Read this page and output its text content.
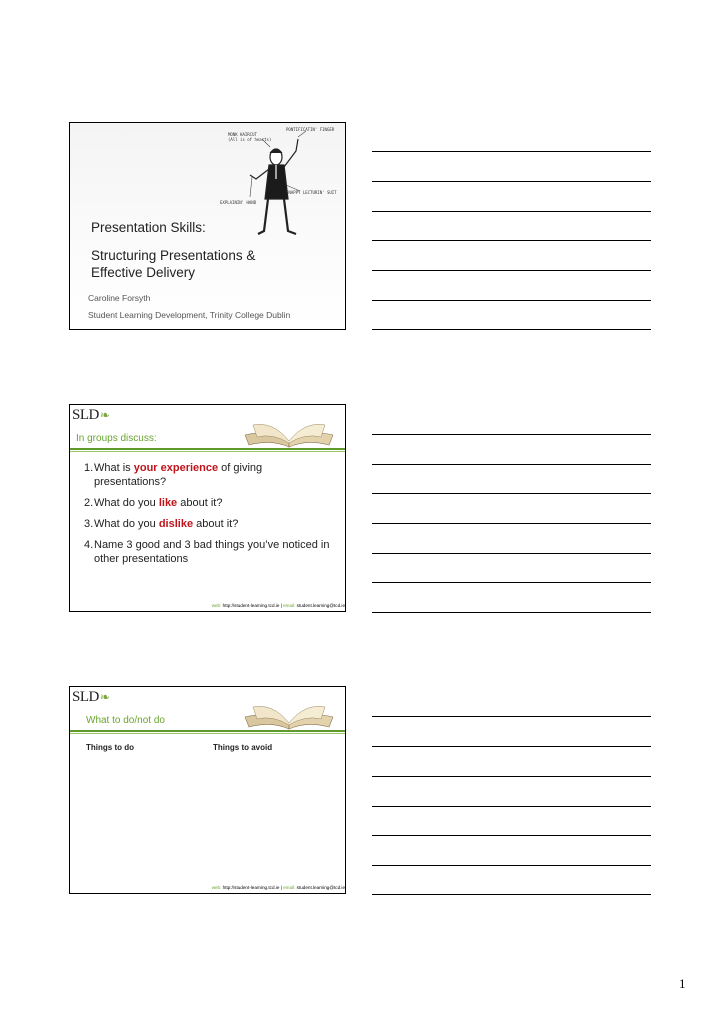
MONK HAIRCUT
(All is of hearts)
PONTIFICATIN' FINGER
SNAPPY LECTURIN' SUIT
EXPLAININ' HAND
Presentation Skills:
Structuring Presentations &
Effective Delivery
Caroline Forsyth
Student Learning Development, Trinity College Dublin
SLD❧
In groups discuss:
1. What is your experience of giving presentations?
2. What do you like about it?
3. What do you dislike about it?
4. Name 3 good and 3 bad things you’ve noticed in other presentations
web: http://student-learning.tcd.ie | email: student.learning@tcd.ie
SLD❧
What to do/not do
Things to do	Things to avoid
web: http://student-learning.tcd.ie | email: student.learning@tcd.ie
1
